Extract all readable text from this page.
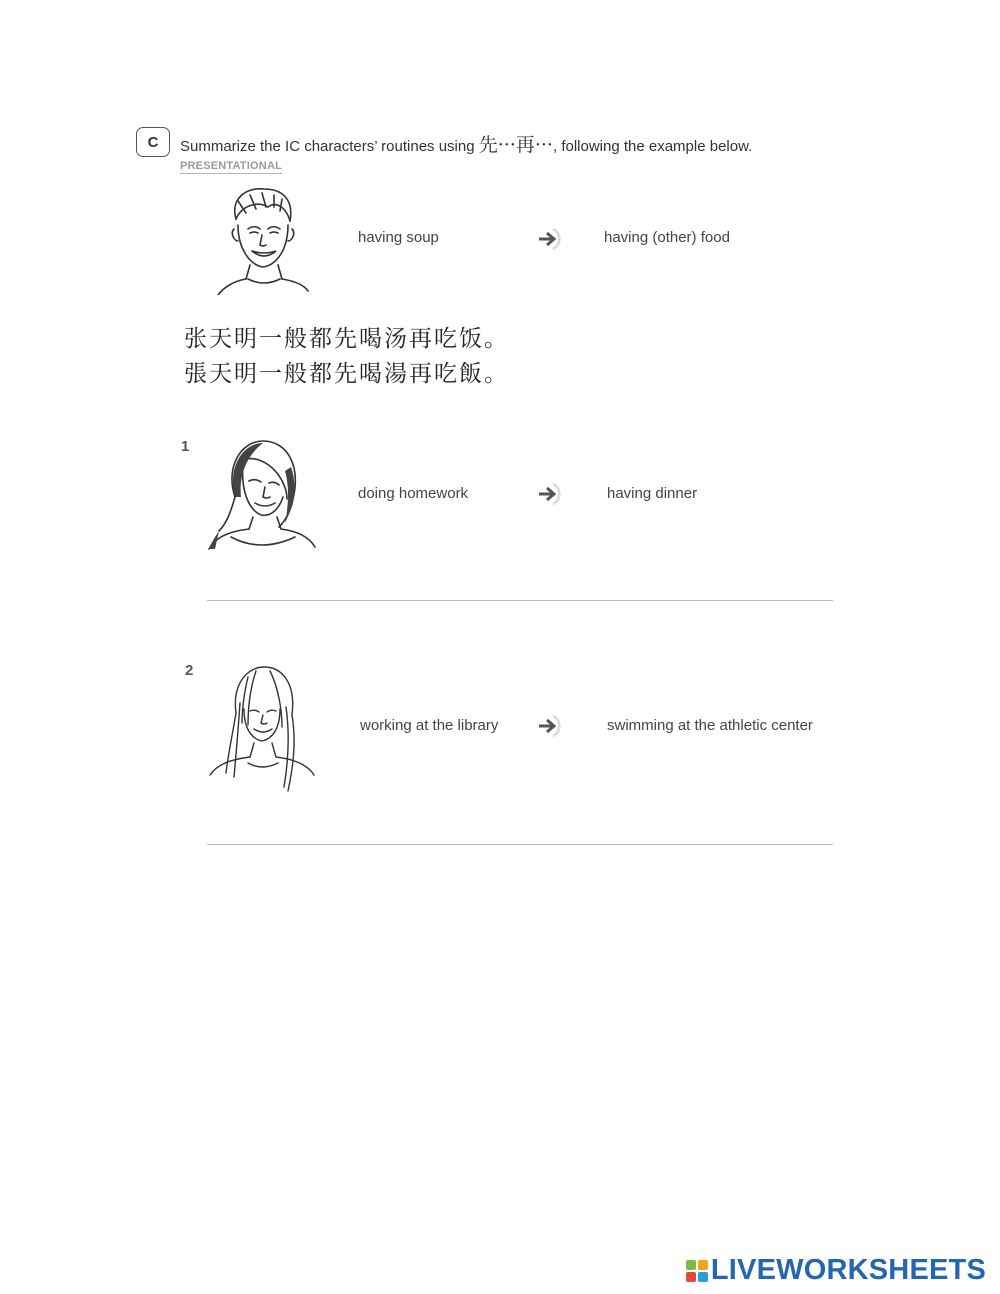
C Summarize the IC characters’ routines using 先···再···, following the example below.
PRESENTATIONAL
having soup	having (other) food
张天明一般都先喝汤再吃饭。
張天明一般都先喝湯再吃飯。
1
doing homework	having dinner
2
working at the library	swimming at the athletic center
LIVEWORKSHEETS
